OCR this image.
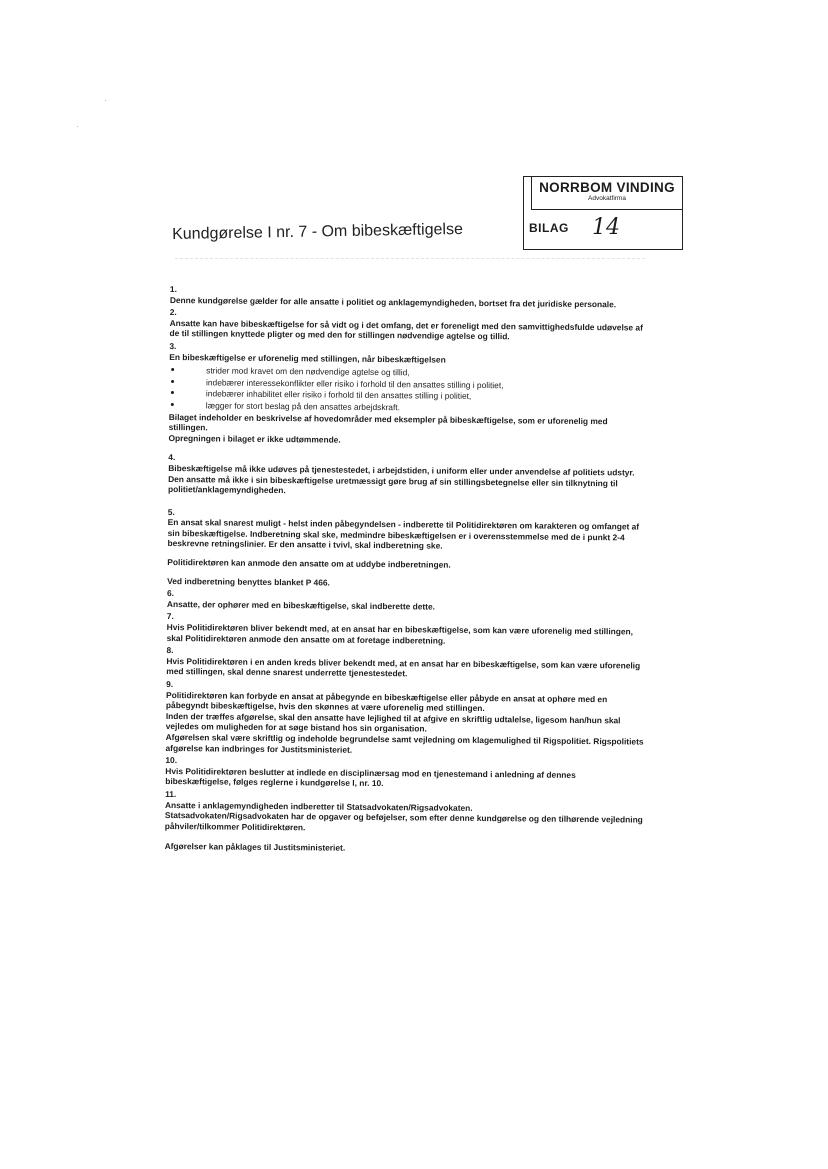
·
·
NORRBOM VINDING
Advokatfirma
BILAG 14
Kundgørelse I nr. 7 - Om bibeskæftigelse

1.

Denne kundgørelse gælder for alle ansatte i politiet og anklagemyndigheden, bortset fra det juridiske personale.

2.

Ansatte kan have bibeskæftigelse for så vidt og i det omfang, det er foreneligt med den samvittighedsfulde udøvelse af de til stillingen knyttede pligter og med den for stillingen nødvendige agtelse og tillid.

3.

En bibeskæftigelse er uforenelig med stillingen, når bibeskæftigelsen

strider mod kravet om den nødvendige agtelse og tillid,
indebærer interessekonflikter eller risiko i forhold til den ansattes stilling i politiet,
indebærer inhabilitet eller risiko i forhold til den ansattes stilling i politiet,
lægger for stort beslag på den ansattes arbejdskraft.

Bilaget indeholder en beskrivelse af hovedområder med eksempler på bibeskæftigelse, som er uforenelig med stillingen.

Opregningen i bilaget er ikke udtømmende.

4.

Bibeskæftigelse må ikke udøves på tjenestestedet, i arbejdstiden, i uniform eller under anvendelse af politiets udstyr. Den ansatte må ikke i sin bibeskæftigelse uretmæssigt gøre brug af sin stillingsbetegnelse eller sin tilknytning til politiet/anklagemyndigheden.

5.

En ansat skal snarest muligt - helst inden påbegyndelsen - indberette til Politidirektøren om karakteren og omfanget af sin bibeskæftigelse. Indberetning skal ske, medmindre bibeskæftigelsen er i overensstemmelse med de i punkt 2-4 beskrevne retningslinier. Er den ansatte i tvivl, skal indberetning ske.

Politidirektøren kan anmode den ansatte om at uddybe indberetningen.

Ved indberetning benyttes blanket P 466.

6.

Ansatte, der ophører med en bibeskæftigelse, skal indberette dette.

7.

Hvis Politidirektøren bliver bekendt med, at en ansat har en bibeskæftigelse, som kan være uforenelig med stillingen, skal Politidirektøren anmode den ansatte om at foretage indberetning.

8.

Hvis Politidirektøren i en anden kreds bliver bekendt med, at en ansat har en bibeskæftigelse, som kan være uforenelig med stillingen, skal denne snarest underrette tjenestestedet.

9.

Politidirektøren kan forbyde en ansat at påbegynde en bibeskæftigelse eller påbyde en ansat at ophøre med en påbegyndt bibeskæftigelse, hvis den skønnes at være uforenelig med stillingen.

Inden der træffes afgørelse, skal den ansatte have lejlighed til at afgive en skriftlig udtalelse, ligesom han/hun skal vejledes om muligheden for at søge bistand hos sin organisation.

Afgørelsen skal være skriftlig og indeholde begrundelse samt vejledning om klagemulighed til Rigspolitiet. Rigspolitiets afgørelse kan indbringes for Justitsministeriet.

10.

Hvis Politidirektøren beslutter at indlede en disciplinærsag mod en tjenestemand i anledning af dennes bibeskæftigelse, følges reglerne i kundgørelse I, nr. 10.

11.

Ansatte i anklagemyndigheden indberetter til Statsadvokaten/Rigsadvokaten.

Statsadvokaten/Rigsadvokaten har de opgaver og beføjelser, som efter denne kundgørelse og den tilhørende vejledning påhviler/tilkommer Politidirektøren.

Afgørelser kan påklages til Justitsministeriet.
